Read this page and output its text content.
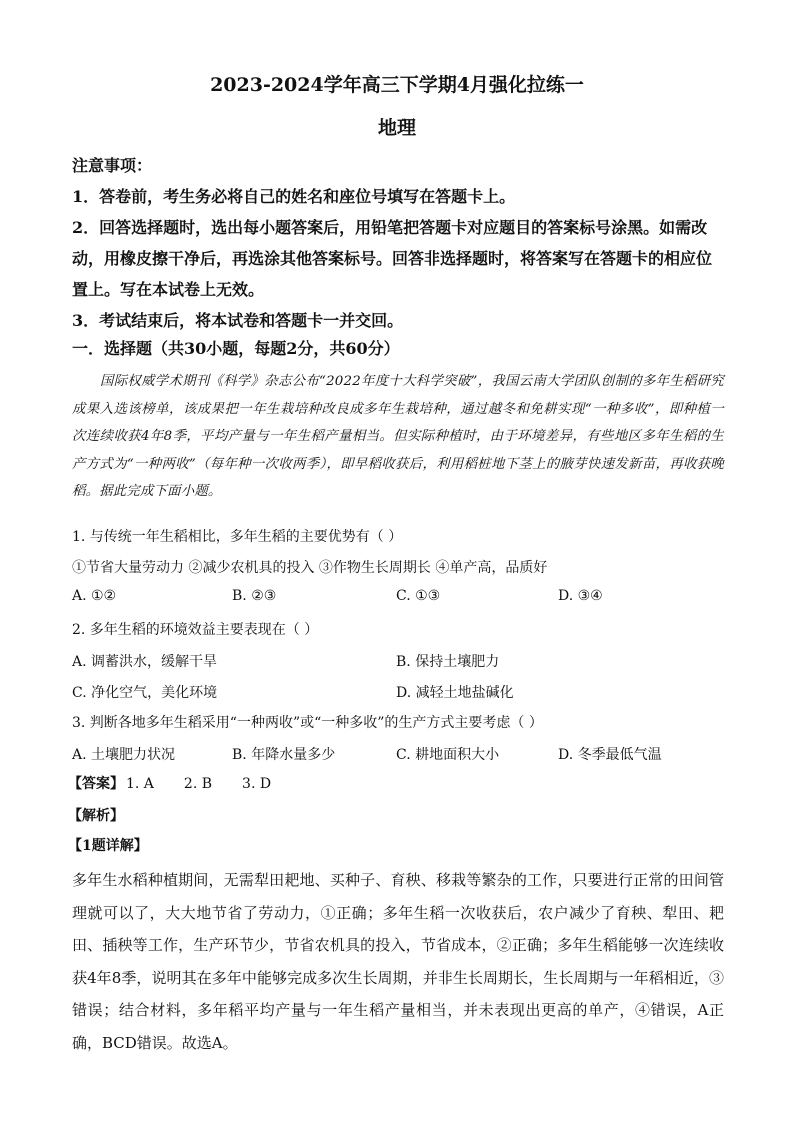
2023-2024学年高三下学期4月强化拉练一
地理

注意事项：

1．答卷前，考生务必将自己的姓名和座位号填写在答题卡上。

2．回答选择题时，选出每小题答案后，用铅笔把答题卡对应题目的答案标号涂黑。如需改动，用橡皮擦干净后，再选涂其他答案标号。回答非选择题时，将答案写在答题卡的相应位置上。写在本试卷上无效。

3．考试结束后，将本试卷和答题卡一并交回。

一．选择题（共30小题，每题2分，共60分）

国际权威学术期刊《科学》杂志公布“2022年度十大科学突破”，我国云南大学团队创制的多年生稻研究成果入选该榜单，该成果把一年生栽培种改良成多年生栽培种，通过越冬和免耕实现“一种多收”，即种植一次连续收获4年8季，平均产量与一年生稻产量相当。但实际种植时，由于环境差异，有些地区多年生稻的生产方式为“一种两收”（每年种一次收两季），即早稻收获后，利用稻桩地下茎上的腋芽快速发新苗，再收获晚稻。据此完成下面小题。

1. 与传统一年生稻相比，多年生稻的主要优势有（ ）
①节省大量劳动力 ②减少农机具的投入 ③作物生长周期长 ④单产高，品质好
A. ①②	B. ②③	C. ①③	D. ③④
2. 多年生稻的环境效益主要表现在（ ）
A. 调蓄洪水，缓解干旱	B. 保持土壤肥力
C. 净化空气，美化环境	D. 减轻土地盐碱化
3. 判断各地多年生稻采用“一种两收”或“一种多收”的生产方式主要考虑（ ）
A. 土壤肥力状况	B. 年降水量多少	C. 耕地面积大小	D. 冬季最低气温
【答案】 1. A 2. B 3. D
【解析】
【1题详解】

多年生水稻种植期间，无需犁田耙地、买种子、育秧、移栽等繁杂的工作，只要进行正常的田间管理就可以了，大大地节省了劳动力，①正确；多年生稻一次收获后，农户减少了育秧、犁田、耙田、插秧等工作，生产环节少，节省农机具的投入，节省成本，②正确；多年生稻能够一次连续收获4年8季，说明其在多年中能够完成多次生长周期，并非生长周期长，生长周期与一年稻相近，③错误；结合材料，多年稻平均产量与一年生稻产量相当，并未表现出更高的单产，④错误，A正确，BCD错误。故选A。
